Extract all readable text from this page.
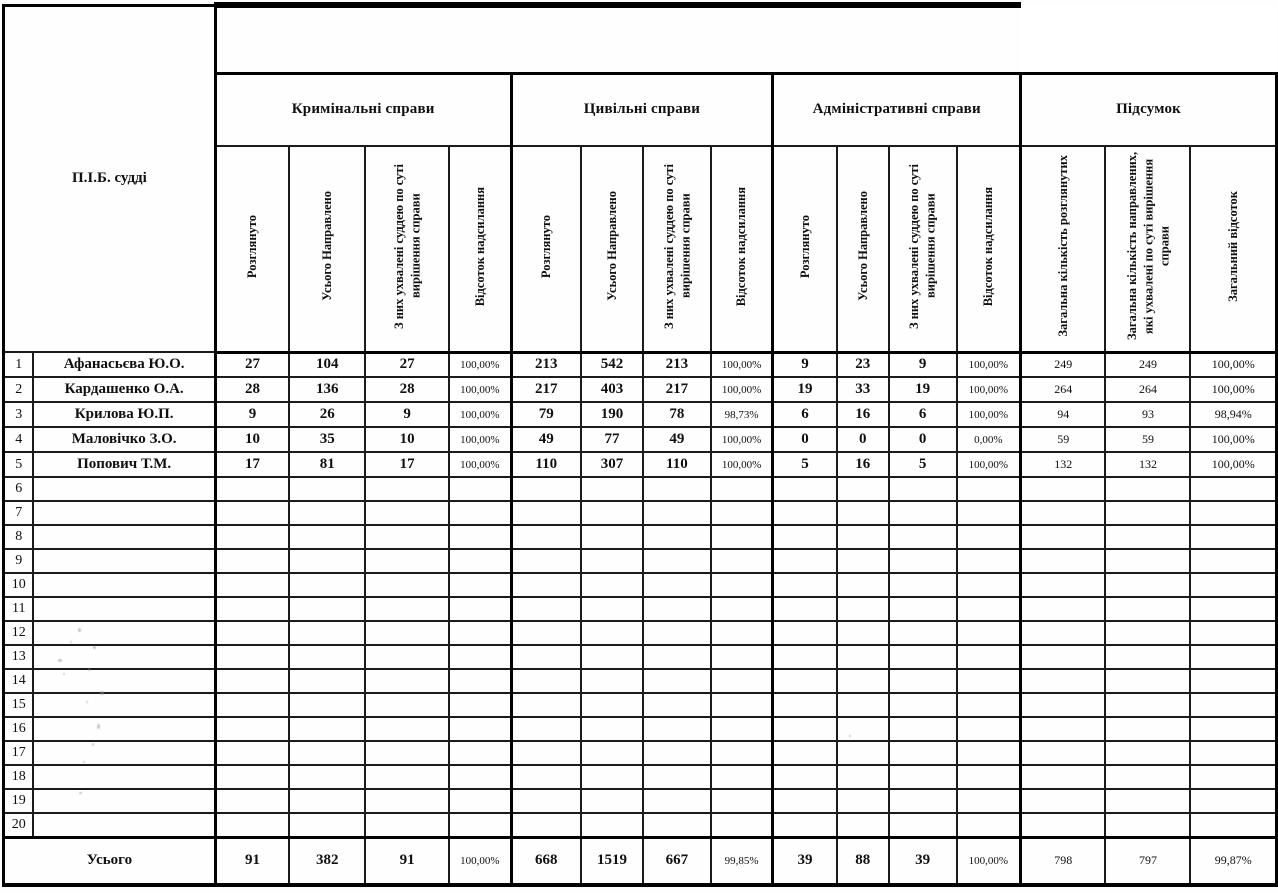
П.І.Б. судді																
		Кримінальні справи				Цивільні справи				Адміністративні справи				Підсумок		
		Розглянуто	Усього Направлено	З них ухвалені суддею по суті вирішення справи	Відсоток надсилання	Розглянуто	Усього Направлено	З них ухвалені суддею по суті вирішення справи	Відсоток надсилання	Розглянуто	Усього Направлено	З них ухвалені суддею по суті вирішення справи	Відсоток надсилання	Загальна кількість розглянутих	Загальна кількість направлених, які ухвалені по суті вирішення справи	Загальний відсоток
1	Афанасьєва Ю.О.	27	104	27	100,00%	213	542	213	100,00%	9	23	9	100,00%	249	249	100,00%
2	Кардашенко О.А.	28	136	28	100,00%	217	403	217	100,00%	19	33	19	100,00%	264	264	100,00%
3	Крилова Ю.П.	9	26	9	100,00%	79	190	78	98,73%	6	16	6	100,00%	94	93	98,94%
4	Маловічко З.О.	10	35	10	100,00%	49	77	49	100,00%	0	0	0	0,00%	59	59	100,00%
5	Попович Т.М.	17	81	17	100,00%	110	307	110	100,00%	5	16	5	100,00%	132	132	100,00%
6																
7																
8																
9																
10																
11																
12																
13																
14																
15																
16																
17																
18																
19																
20																
Усього		91	382	91	100,00%	668	1519	667	99,85%	39	88	39	100,00%	798	797	99,87%
